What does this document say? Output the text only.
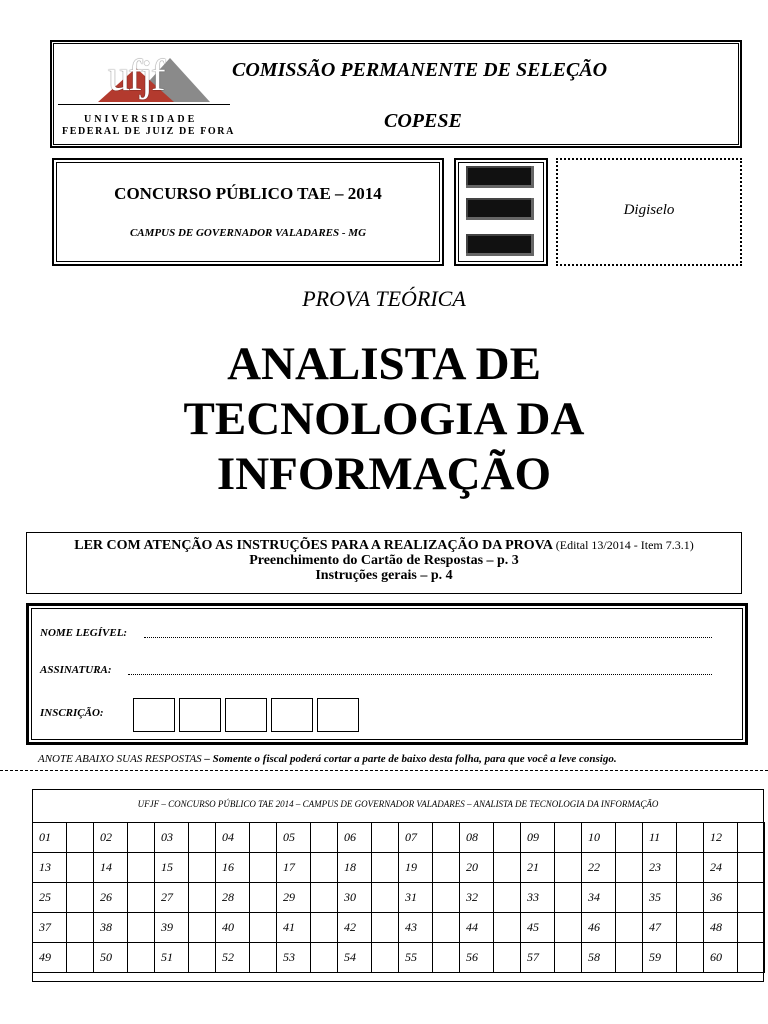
ufjf
UNIVERSIDADE
FEDERAL DE JUIZ DE FORA
COMISSÃO PERMANENTE DE SELEÇÃO
COPESE
CONCURSO PÚBLICO TAE – 2014
CAMPUS DE GOVERNADOR VALADARES - MG
Digiselo
PROVA TEÓRICA
ANALISTA DE
TECNOLOGIA DA
INFORMAÇÃO
LER COM ATENÇÃO AS INSTRUÇÕES PARA A REALIZAÇÃO DA PROVA (Edital 13/2014 - Item 7.3.1)
Preenchimento do Cartão de Respostas – p. 3
Instruções gerais – p. 4
NOME LEGÍVEL:
ASSINATURA:
INSCRIÇÃO:
ANOTE ABAIXO SUAS RESPOSTAS – Somente o fiscal poderá cortar a parte de baixo desta folha, para que você a leve consigo.
UFJF – CONCURSO PÚBLICO TAE 2014 – CAMPUS DE GOVERNADOR VALADARES – ANALISTA DE TECNOLOGIA DA INFORMAÇÃO
01		02		03		04		05		06		07		08		09		10		11		12	
13		14		15		16		17		18		19		20		21		22		23		24	
25		26		27		28		29		30		31		32		33		34		35		36	
37		38		39		40		41		42		43		44		45		46		47		48	
49		50		51		52		53		54		55		56		57		58		59		60	
